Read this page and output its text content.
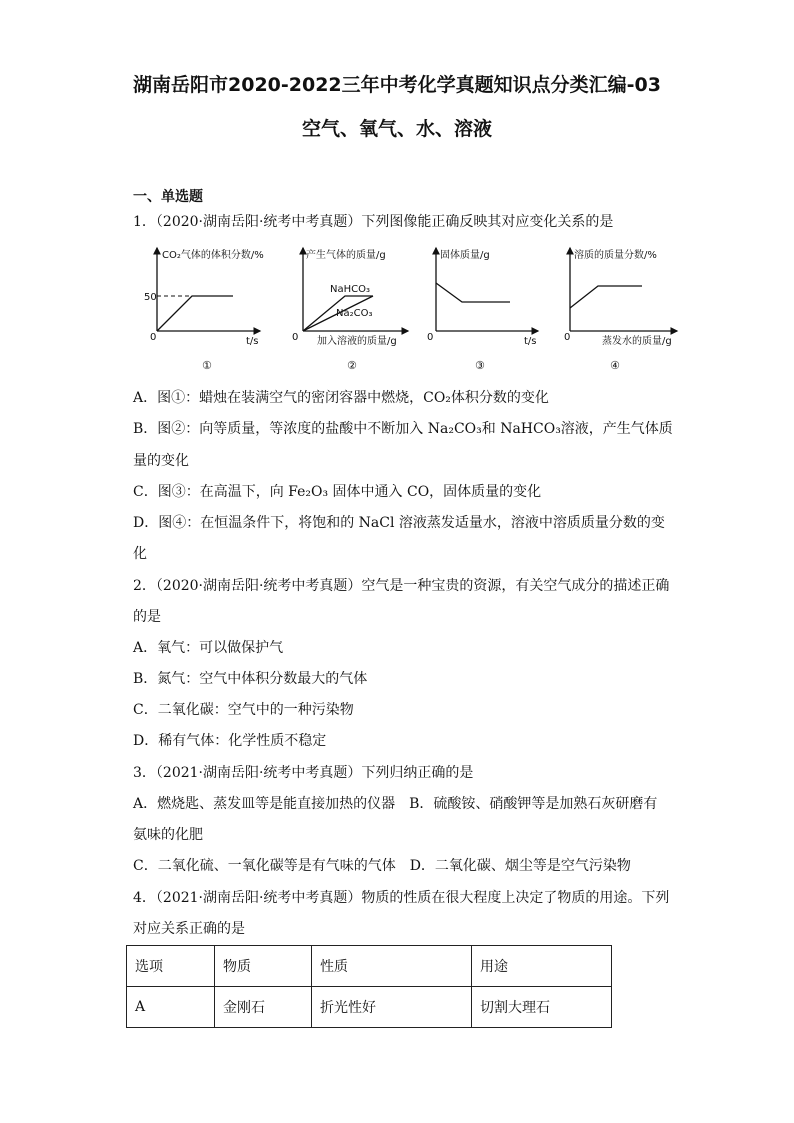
湖南岳阳市2020-2022三年中考化学真题知识点分类汇编-03
空气、氧气、水、溶液
一、单选题
1．（2020·湖南岳阳·统考中考真题）下列图像能正确反映其对应变化关系的是
CO₂气体的体积分数/%
50
0	t/s
①
产生气体的质量/g
NaHCO₃
Na₂CO₃
0 加入溶液的质量/g
②
固体质量/g
0	t/s
③
溶质的质量分数/%
0	蒸发水的质量/g
④
A．图①：蜡烛在装满空气的密闭容器中燃烧，CO₂体积分数的变化
B．图②：向等质量，等浓度的盐酸中不断加入 Na₂CO₃和 NaHCO₃溶液，产生气体质
量的变化
C．图③：在高温下，向 Fe₂O₃ 固体中通入 CO，固体质量的变化
D．图④：在恒温条件下，将饱和的 NaCl 溶液蒸发适量水，溶液中溶质质量分数的变
化
2．（2020·湖南岳阳·统考中考真题）空气是一种宝贵的资源，有关空气成分的描述正确
的是
A．氧气：可以做保护气
B．氮气：空气中体积分数最大的气体
C．二氧化碳：空气中的一种污染物
D．稀有气体：化学性质不稳定
3．（2021·湖南岳阳·统考中考真题）下列归纳正确的是
A．燃烧匙、蒸发皿等是能直接加热的仪器　B．硫酸铵、硝酸钾等是加熟石灰研磨有
氨味的化肥
C．二氧化硫、一氧化碳等是有气味的气体　D．二氧化碳、烟尘等是空气污染物
4．（2021·湖南岳阳·统考中考真题）物质的性质在很大程度上决定了物质的用途。下列
对应关系正确的是
选项	物质	性质	用途
A	金刚石	折光性好	切割大理石
